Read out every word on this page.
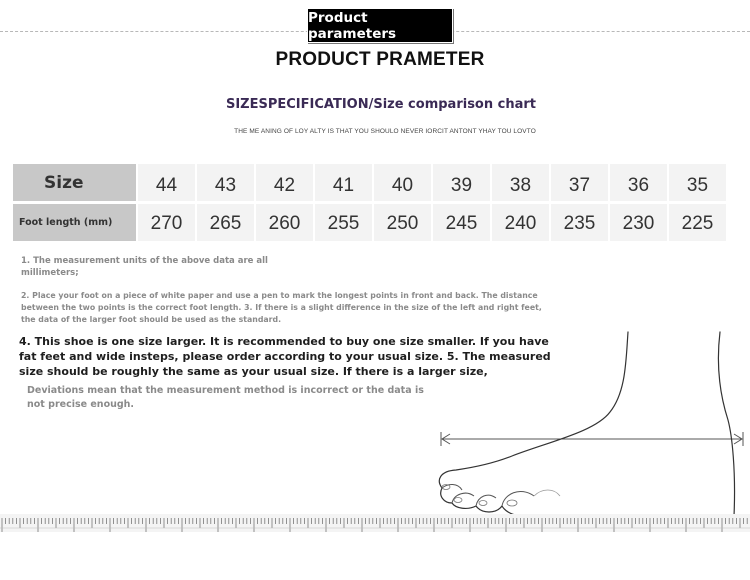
Product parameters
PRODUCT PRAMETER
SIZESPECIFICATION/Size comparison chart
THE ME ANING OF LOY ALTY IS THAT YOU SHOULO NEVER IORCIT ANTONT YHAY TOU LOVTO
Size	44	43	42	41	40	39	38	37	36	35
Foot length (mm)	270	265	260	255	250	245	240	235	230	225
1. The measurement units of the above data are all millimeters;
2. Place your foot on a piece of white paper and use a pen to mark the longest points in front and back. The distance between the two points is the correct foot length. 3. If there is a slight difference in the size of the left and right feet, the data of the larger foot should be used as the standard.
4. This shoe is one size larger. It is recommended to buy one size smaller. If you have fat feet and wide insteps, please order according to your usual size. 5. The measured size should be roughly the same as your usual size. If there is a larger size,
Deviations mean that the measurement method is incorrect or the data is not precise enough.
